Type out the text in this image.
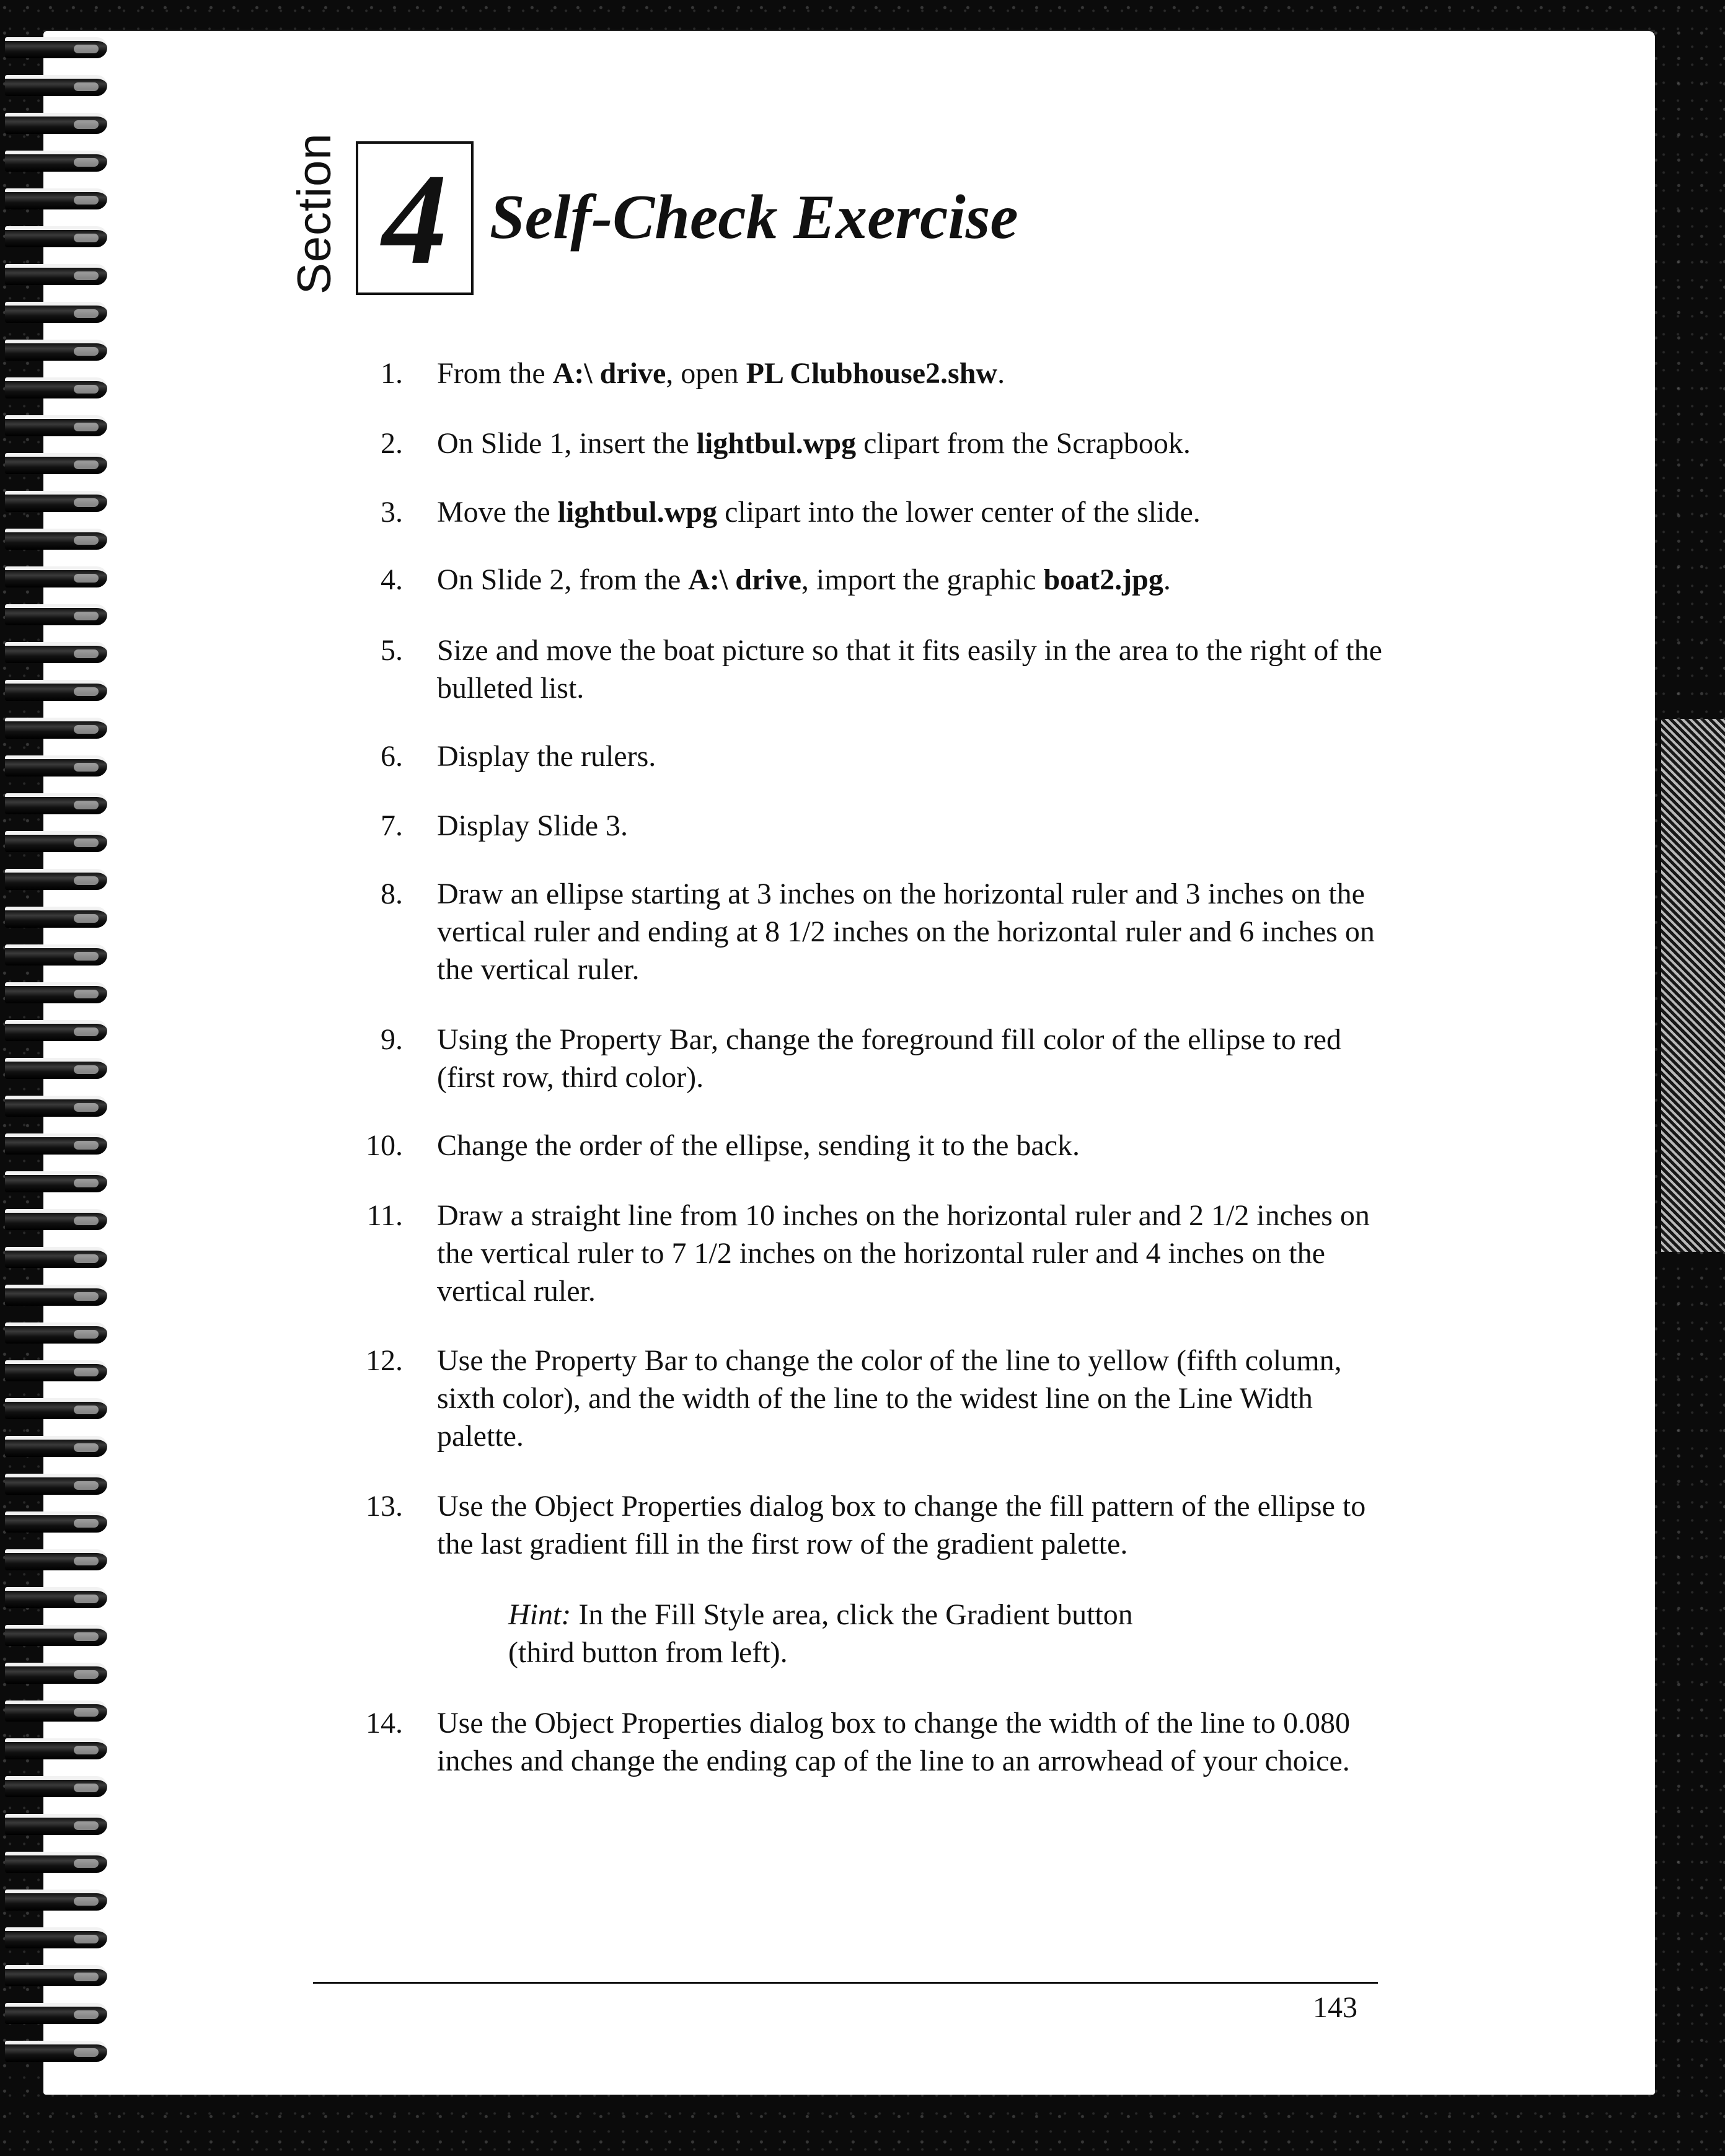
Section 4 Self-Check Exercise
1. From the A:\ drive, open PL Clubhouse2.shw.
2. On Slide 1, insert the lightbul.wpg clipart from the Scrapbook.
3. Move the lightbul.wpg clipart into the lower center of the slide.
4. On Slide 2, from the A:\ drive, import the graphic boat2.jpg.
5. Size and move the boat picture so that it fits easily in the area to the right of the bulleted list.
6. Display the rulers.
7. Display Slide 3.
8. Draw an ellipse starting at 3 inches on the horizontal ruler and 3 inches on the vertical ruler and ending at 8 1/2 inches on the horizontal ruler and 6 inches on the vertical ruler.
9. Using the Property Bar, change the foreground fill color of the ellipse to red (first row, third color).
10. Change the order of the ellipse, sending it to the back.
11. Draw a straight line from 10 inches on the horizontal ruler and 2 1/2 inches on the vertical ruler to 7 1/2 inches on the horizontal ruler and 4 inches on the vertical ruler.
12. Use the Property Bar to change the color of the line to yellow (fifth column, sixth color), and the width of the line to the widest line on the Line Width palette.
13. Use the Object Properties dialog box to change the fill pattern of the ellipse to the last gradient fill in the first row of the gradient palette.
Hint: In the Fill Style area, click the Gradient button
(third button from left).
14. Use the Object Properties dialog box to change the width of the line to 0.080 inches and change the ending cap of the line to an arrowhead of your choice.
143
